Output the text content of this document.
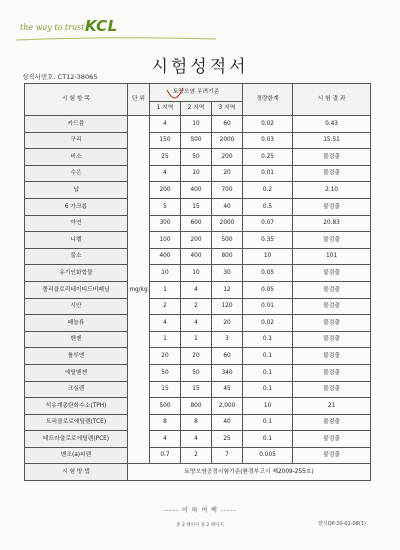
the way to trust KCL
시험성적서
성적서번호: CT12-38065
시 험 항 목	단 위	토양오염 우려기준			정량한계	시 험 결 과
		1 지역	2 지역	3 지역		
카드뮴	mg/kg	4	10	60	0.02	0.43
구리		150	500	2000	0.03	15.51
비소		25	50	200	0.25	불검출
수은		4	10	20	0.01	불검출
납		200	400	700	0.2	2.10
6 가크롬		5	15	40	0.5	불검출
아연		300	600	2000	0.07	20.83
니켈		100	200	500	0.35	불검출
불소		400	400	800	10	101
유기인화합물		10	10	30	0.05	불검출
폴리클로리네이티드비페닐		1	4	12	0.05	불검출
시안		2	2	120	0.01	불검출
페놀류		4	4	20	0.02	불검출
벤젠		1	1	3	0.1	불검출
톨루엔		20	20	60	0.1	불검출
에틸벤젠		50	50	340	0.1	불검출
크실렌		15	15	45	0.1	불검출
석유계총탄화수소(TPH)		500	800	2,000	10	21
트리클로로에틸렌(TCE)		8	8	40	0.1	불검출
테트라클로로에틸렌(PCE)		4	4	25	0.1	불검출
벤조(a)피렌		0.7	2	7	0.005	불검출
시 험 방 법	토양오염공정시험기준(환경부고시 제2009-255호)					
----- 이 하 여 백 -----
총 2 페이지 중 2 페이지	양식QP-20-01-08(1)
